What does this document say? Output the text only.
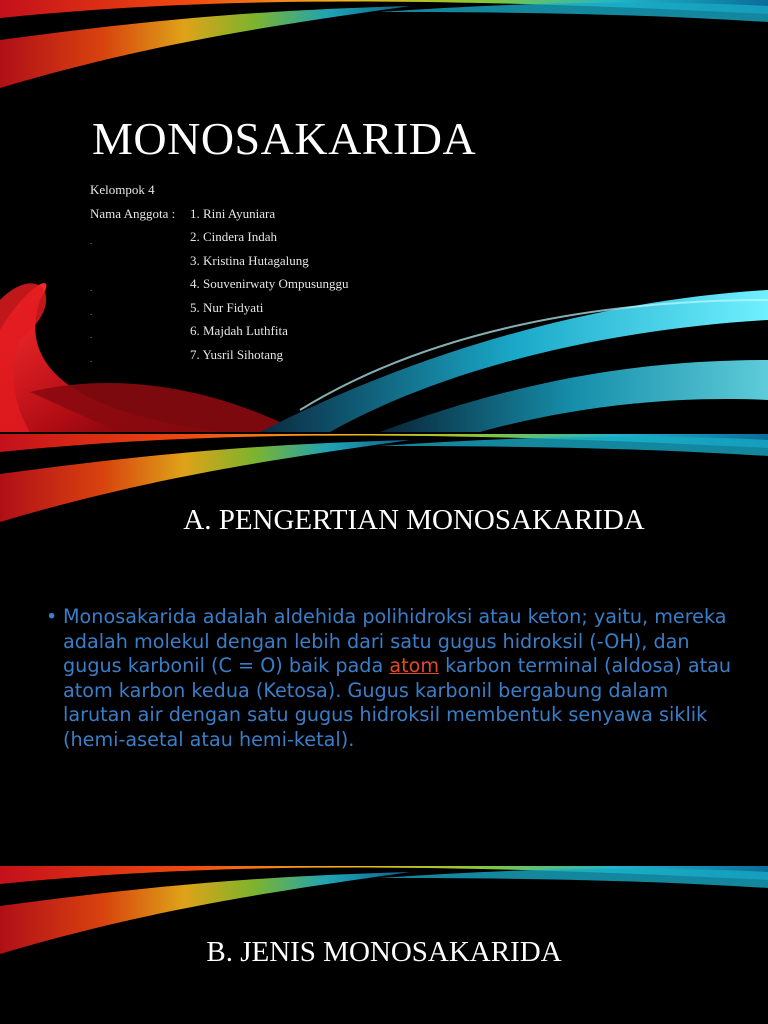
MONOSAKARIDA
Kelompok 4
Nama Anggota : 1. Rini Ayuniara
.	2. Cindera Indah
3. Kristina Hutagalung
.	4. Souvenirwaty Ompusunggu
.	5. Nur Fidyati
.	6. Majdah Luthfita
.	7. Yusril Sihotang
A. PENGERTIAN MONOSAKARIDA
• Monosakarida adalah aldehida polihidroksi atau keton; yaitu, mereka adalah molekul dengan lebih dari satu gugus hidroksil (-OH), dan gugus karbonil (C = O) baik pada atom karbon terminal (aldosa) atau atom karbon kedua (Ketosa). Gugus karbonil bergabung dalam larutan air dengan satu gugus hidroksil membentuk senyawa siklik (hemi-asetal atau hemi-ketal).
B. JENIS MONOSAKARIDA
